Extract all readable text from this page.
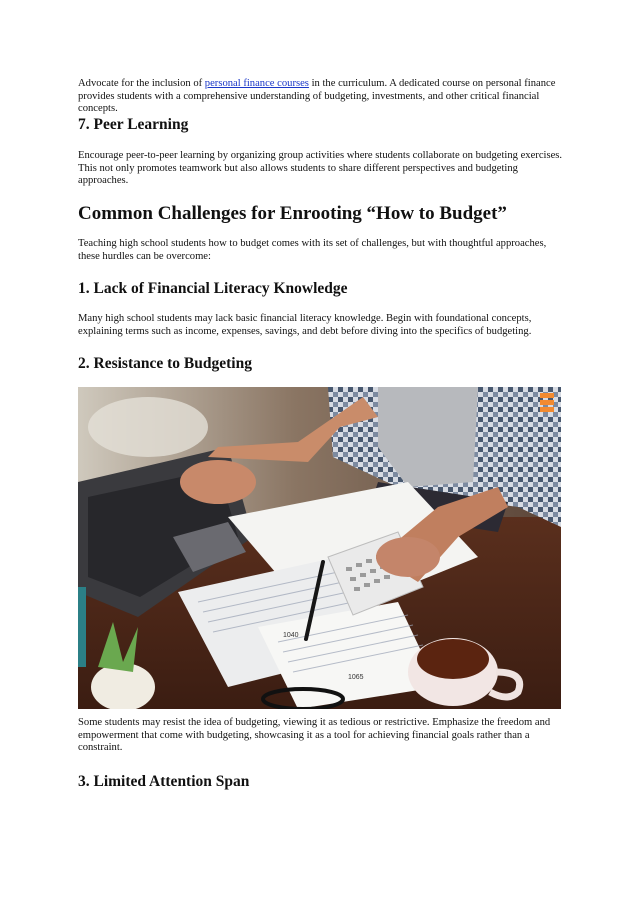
Advocate for the inclusion of personal finance courses in the curriculum. A dedicated course on personal finance provides students with a comprehensive understanding of budgeting, investments, and other critical financial concepts.

7. Peer Learning

Encourage peer-to-peer learning by organizing group activities where students collaborate on budgeting exercises. This not only promotes teamwork but also allows students to share different perspectives and budgeting approaches.

Common Challenges for Enrooting “How to Budget”

Teaching high school students how to budget comes with its set of challenges, but with thoughtful approaches, these hurdles can be overcome:

1. Lack of Financial Literacy Knowledge

Many high school students may lack basic financial literacy knowledge. Begin with foundational concepts, explaining terms such as income, expenses, savings, and debt before diving into the specifics of budgeting.

2. Resistance to Budgeting
1040
1065

Some students may resist the idea of budgeting, viewing it as tedious or restrictive. Emphasize the freedom and empowerment that come with budgeting, showcasing it as a tool for achieving financial goals rather than a constraint.

3. Limited Attention Span
